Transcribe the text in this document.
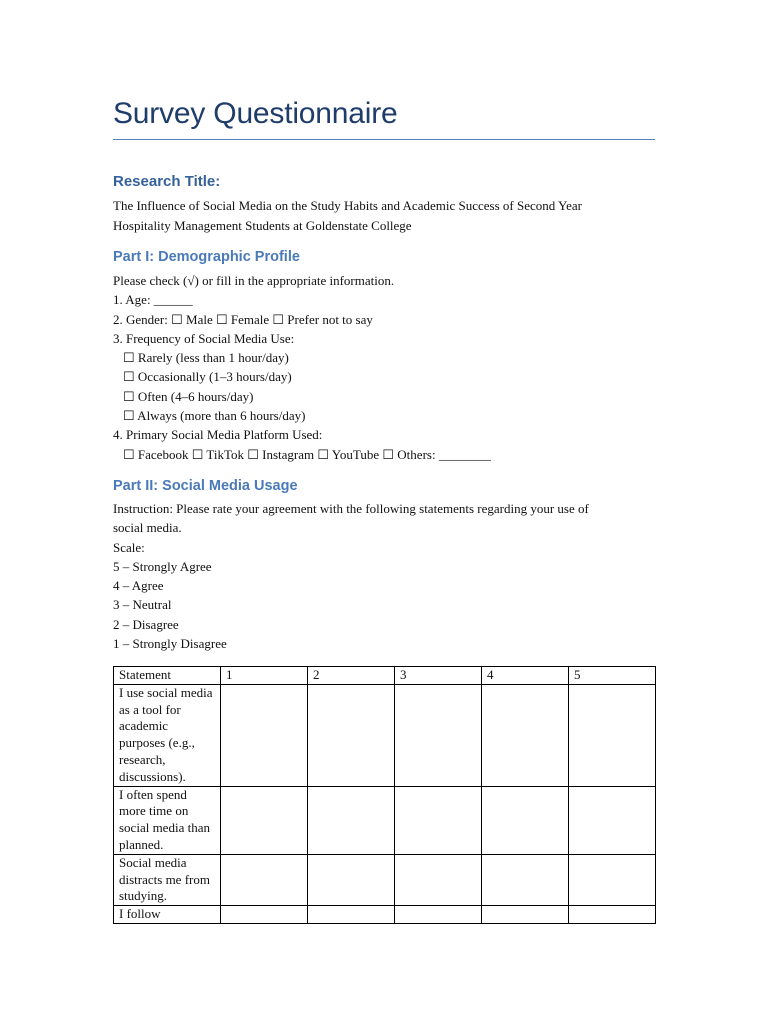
Survey Questionnaire
Research Title:
The Influence of Social Media on the Study Habits and Academic Success of Second Year
Hospitality Management Students at Goldenstate College
Part I: Demographic Profile
Please check (√) or fill in the appropriate information.
1. Age: ______
2. Gender: ☐ Male ☐ Female ☐ Prefer not to say
3. Frequency of Social Media Use:
☐ Rarely (less than 1 hour/day)
☐ Occasionally (1–3 hours/day)
☐ Often (4–6 hours/day)
☐ Always (more than 6 hours/day)
4. Primary Social Media Platform Used:
☐ Facebook ☐ TikTok ☐ Instagram ☐ YouTube ☐ Others: ________
Part II: Social Media Usage
Instruction: Please rate your agreement with the following statements regarding your use of
social media.
Scale:
5 – Strongly Agree
4 – Agree
3 – Neutral
2 – Disagree
1 – Strongly Disagree
Statement	1	2	3	4	5
I use social media as a tool for academic purposes (e.g., research, discussions).					
I often spend more time on social media than planned.					
Social media distracts me from studying.					
I follow					
